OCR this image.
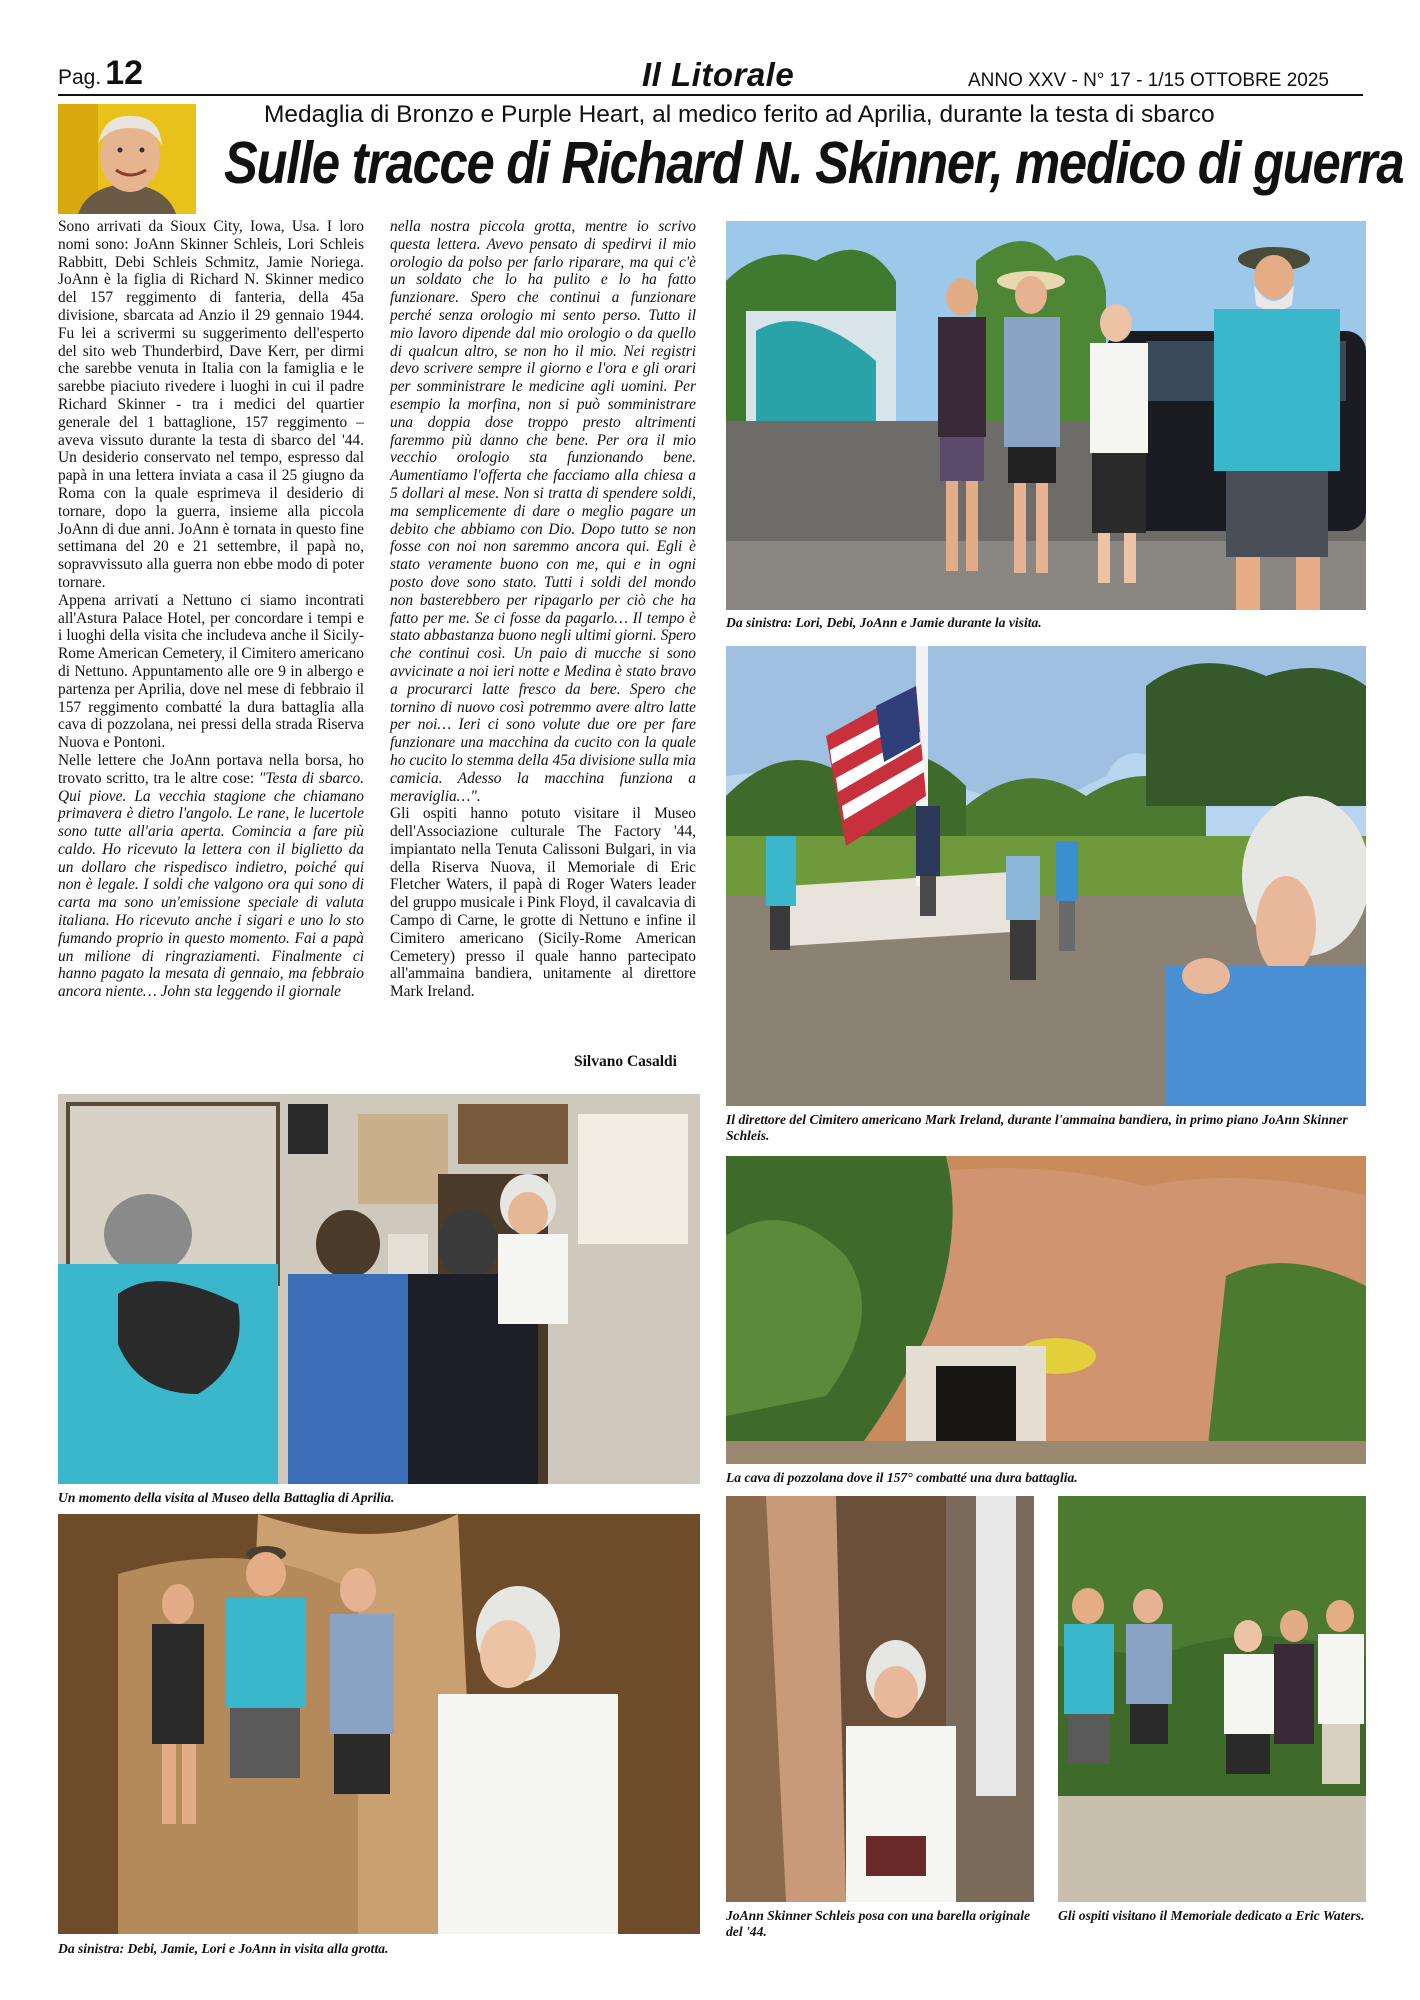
Pag. 12	Il Litorale	ANNO XXV - N° 17 - 1/15 OTTOBRE 2025
Medaglia di Bronzo e Purple Heart, al medico ferito ad Aprilia, durante la testa di sbarco
Sulle tracce di Richard N. Skinner, medico di guerra

Sono arrivati da Sioux City, Iowa, Usa. I loro nomi sono: JoAnn Skinner Schleis, Lori Schleis Rabbitt, Debi Schleis Schmitz, Jamie Noriega. JoAnn è la figlia di Richard N. Skinner medico del 157 reggimento di fanteria, della 45a divisione, sbarcata ad Anzio il 29 gennaio 1944. Fu lei a scrivermi su suggerimento dell'esperto del sito web Thunderbird, Dave Kerr, per dirmi che sarebbe venuta in Italia con la famiglia e le sarebbe piaciuto rivedere i luoghi in cui il padre Richard Skinner - tra i medici del quartier generale del 1 battaglione, 157 reggimento – aveva vissuto durante la testa di sbarco del '44. Un desiderio conservato nel tempo, espresso dal papà in una lettera inviata a casa il 25 giugno da Roma con la quale esprimeva il desiderio di tornare, dopo la guerra, insieme alla piccola JoAnn di due anni. JoAnn è tornata in questo fine settimana del 20 e 21 settembre, il papà no, sopravvissuto alla guerra non ebbe modo di poter tornare.

Appena arrivati a Nettuno ci siamo incontrati all'Astura Palace Hotel, per concordare i tempi e i luoghi della visita che includeva anche il Sicily-Rome American Cemetery, il Cimitero americano di Nettuno. Appuntamento alle ore 9 in albergo e partenza per Aprilia, dove nel mese di febbraio il 157 reggimento combatté la dura battaglia alla cava di pozzolana, nei pressi della strada Riserva Nuova e Pontoni.

Nelle lettere che JoAnn portava nella borsa, ho trovato scritto, tra le altre cose: "Testa di sbarco. Qui piove. La vecchia stagione che chiamano primavera è dietro l'angolo. Le rane, le lucertole sono tutte all'aria aperta. Comincia a fare più caldo. Ho ricevuto la lettera con il biglietto da un dollaro che rispedisco indietro, poiché qui non è legale. I soldi che valgono ora qui sono di carta ma sono un'emissione speciale di valuta italiana. Ho ricevuto anche i sigari e uno lo sto fumando proprio in questo momento. Fai a papà un milione di ringraziamenti. Finalmente ci hanno pagato la mesata di gennaio, ma febbraio ancora niente… John sta leggendo il giornale

nella nostra piccola grotta, mentre io scrivo questa lettera. Avevo pensato di spedirvi il mio orologio da polso per farlo riparare, ma qui c'è un soldato che lo ha pulito e lo ha fatto funzionare. Spero che continui a funzionare perché senza orologio mi sento perso. Tutto il mio lavoro dipende dal mio orologio o da quello di qualcun altro, se non ho il mio. Nei registri devo scrivere sempre il giorno e l'ora e gli orari per somministrare le medicine agli uomini. Per esempio la morfina, non si può somministrare una doppia dose troppo presto altrimenti faremmo più danno che bene. Per ora il mio vecchio orologio sta funzionando bene. Aumentiamo l'offerta che facciamo alla chiesa a 5 dollari al mese. Non si tratta di spendere soldi, ma semplicemente di dare o meglio pagare un debito che abbiamo con Dio. Dopo tutto se non fosse con noi non saremmo ancora qui. Egli è stato veramente buono con me, qui e in ogni posto dove sono stato. Tutti i soldi del mondo non basterebbero per ripagarlo per ciò che ha fatto per me. Se ci fosse da pagarlo… Il tempo è stato abbastanza buono negli ultimi giorni. Spero che continui così. Un paio di mucche si sono avvicinate a noi ieri notte e Medina è stato bravo a procurarci latte fresco da bere. Spero che tornino di nuovo così potremmo avere altro latte per noi… Ieri ci sono volute due ore per fare funzionare una macchina da cucito con la quale ho cucito lo stemma della 45a divisione sulla mia camicia. Adesso la macchina funziona a meraviglia…".

Gli ospiti hanno potuto visitare il Museo dell'Associazione culturale The Factory '44, impiantato nella Tenuta Calissoni Bulgari, in via della Riserva Nuova, il Memoriale di Eric Fletcher Waters, il papà di Roger Waters leader del gruppo musicale i Pink Floyd, il cavalcavia di Campo di Carne, le grotte di Nettuno e infine il Cimitero americano (Sicily-Rome American Cemetery) presso il quale hanno partecipato all'ammaina bandiera, unitamente al direttore Mark Ireland.

Silvano Casaldi
Da sinistra: Lori, Debi, JoAnn e Jamie durante la visita.
Il direttore del Cimitero americano Mark Ireland, durante l'ammaina bandiera, in primo piano JoAnn Skinner Schleis.
Un momento della visita al Museo della Battaglia di Aprilia.
La cava di pozzolana dove il 157° combatté una dura battaglia.
Da sinistra: Debi, Jamie, Lori e JoAnn in visita alla grotta.
JoAnn Skinner Schleis posa con una barella originale del '44.
Gli ospiti visitano il Memoriale dedicato a Eric Waters.
